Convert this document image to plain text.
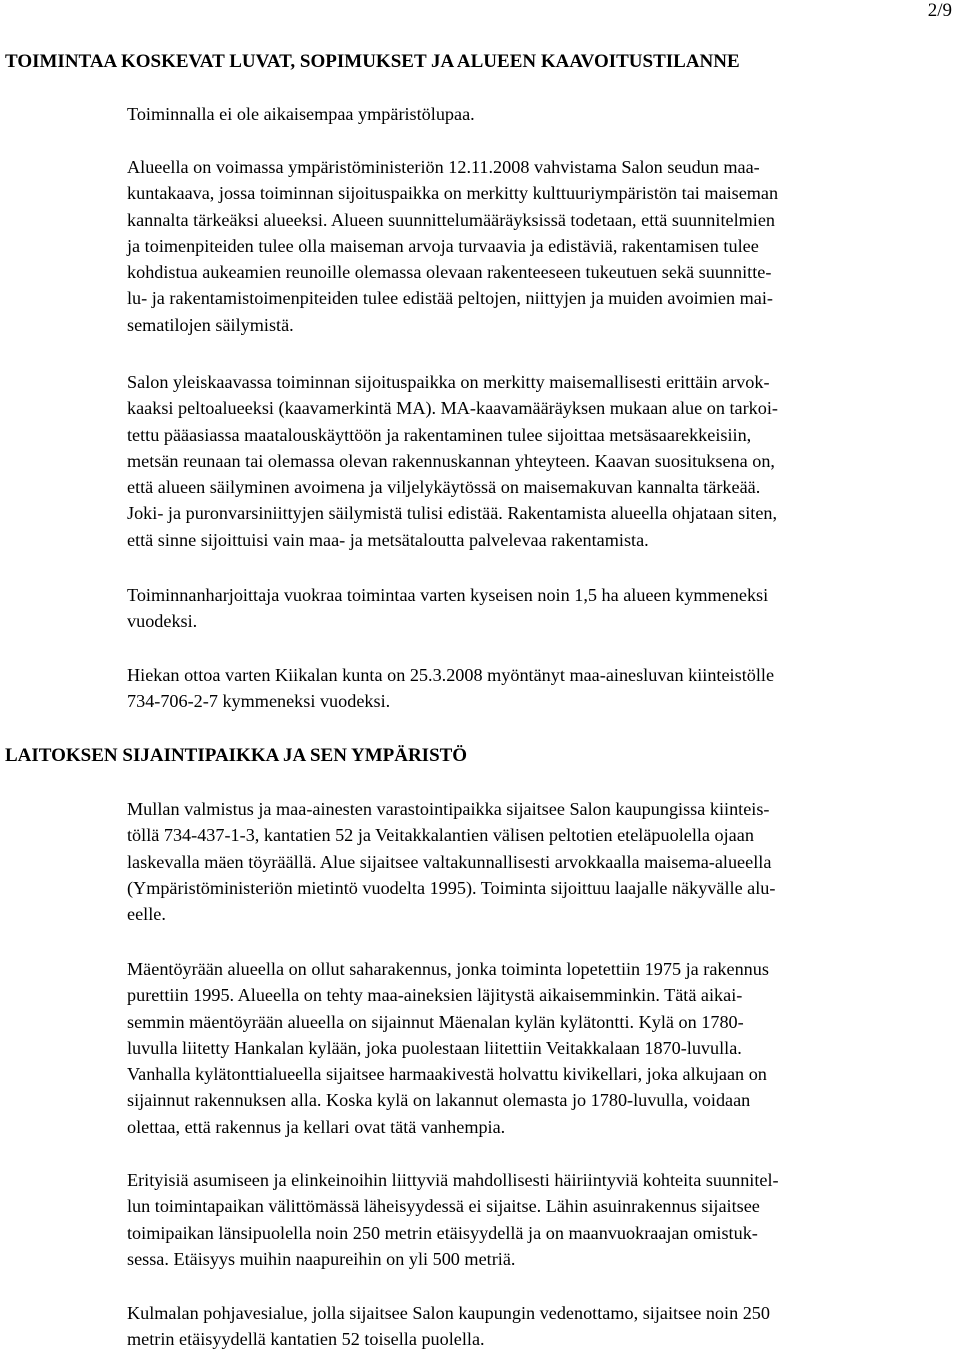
2/9
TOIMINTAA KOSKEVAT LUVAT, SOPIMUKSET JA ALUEEN KAAVOITUSTILANNE

Toiminnalla ei ole aikaisempaa ympäristölupaa.

Alueella on voimassa ympäristöministeriön 12.11.2008 vahvistama Salon seudun maa-
kuntakaava, jossa toiminnan sijoituspaikka on merkitty kulttuuriympäristön tai maiseman
kannalta tärkeäksi alueeksi. Alueen suunnittelumääräyksissä todetaan, että suunnitelmien
ja toimenpiteiden tulee olla maiseman arvoja turvaavia ja edistäviä, rakentamisen tulee
kohdistua aukeamien reunoille olemassa olevaan rakenteeseen tukeutuen sekä suunnitte-
lu- ja rakentamistoimenpiteiden tulee edistää peltojen, niittyjen ja muiden avoimien mai-
sematilojen säilymistä.

Salon yleiskaavassa toiminnan sijoituspaikka on merkitty maisemallisesti erittäin arvok-
kaaksi peltoalueeksi (kaavamerkintä MA). MA-kaavamääräyksen mukaan alue on tarkoi-
tettu pääasiassa maatalouskäyttöön ja rakentaminen tulee sijoittaa metsäsaarekkeisiin,
metsän reunaan tai olemassa olevan rakennuskannan yhteyteen. Kaavan suosituksena on,
että alueen säilyminen avoimena ja viljelykäytössä on maisemakuvan kannalta tärkeää.
Joki- ja puronvarsiniittyjen säilymistä tulisi edistää. Rakentamista alueella ohjataan siten,
että sinne sijoittuisi vain maa- ja metsätaloutta palvelevaa rakentamista.

Toiminnanharjoittaja vuokraa toimintaa varten kyseisen noin 1,5 ha alueen kymmeneksi
vuodeksi.

Hiekan ottoa varten Kiikalan kunta on 25.3.2008 myöntänyt maa-ainesluvan kiinteistölle
734-706-2-7 kymmeneksi vuodeksi.

LAITOKSEN SIJAINTIPAIKKA JA SEN YMPÄRISTÖ

Mullan valmistus ja maa-ainesten varastointipaikka sijaitsee Salon kaupungissa kiinteis-
töllä 734-437-1-3, kantatien 52 ja Veitakkalantien välisen peltotien eteläpuolella ojaan
laskevalla mäen töyräällä. Alue sijaitsee valtakunnallisesti arvokkaalla maisema-alueella
(Ympäristöministeriön mietintö vuodelta 1995). Toiminta sijoittuu laajalle näkyvälle alu-
eelle.

Mäentöyrään alueella on ollut saharakennus, jonka toiminta lopetettiin 1975 ja rakennus
purettiin 1995. Alueella on tehty maa-aineksien läjitystä aikaisemminkin. Tätä aikai-
semmin mäentöyrään alueella on sijainnut Mäenalan kylän kylätontti. Kylä on 1780-
luvulla liitetty Hankalan kylään, joka puolestaan liitettiin Veitakkalaan 1870-luvulla.
Vanhalla kylätonttialueella sijaitsee harmaakivestä holvattu kivikellari, joka alkujaan on
sijainnut rakennuksen alla. Koska kylä on lakannut olemasta jo 1780-luvulla, voidaan
olettaa, että rakennus ja kellari ovat tätä vanhempia.

Erityisiä asumiseen ja elinkeinoihin liittyviä mahdollisesti häiriintyviä kohteita suunnitel-
lun toimintapaikan välittömässä läheisyydessä ei sijaitse. Lähin asuinrakennus sijaitsee
toimipaikan länsipuolella noin 250 metrin etäisyydellä ja on maanvuokraajan omistuk-
sessa. Etäisyys muihin naapureihin on yli 500 metriä.

Kulmalan pohjavesialue, jolla sijaitsee Salon kaupungin vedenottamo, sijaitsee noin 250
metrin etäisyydellä kantatien 52 toisella puolella.
